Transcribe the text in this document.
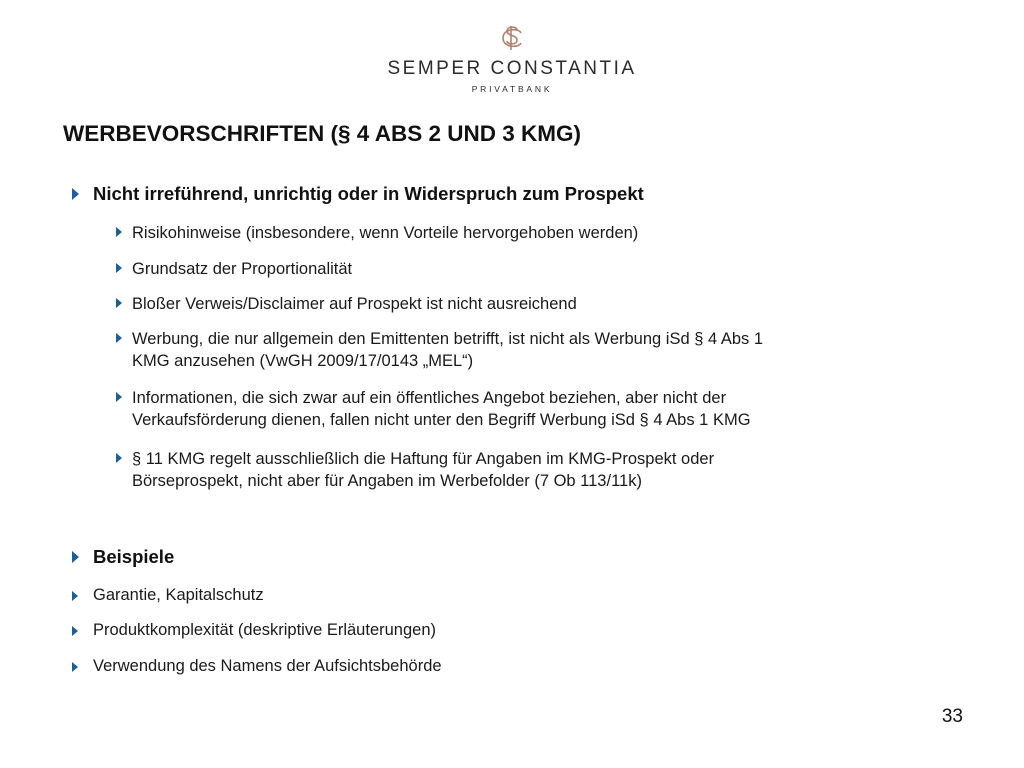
SEMPER CONSTANTIA
PRIVATBANK
WERBEVORSCHRIFTEN (§ 4 ABS 2 UND 3 KMG)
Nicht irreführend, unrichtig oder in Widerspruch zum Prospekt
Risikohinweise (insbesondere, wenn Vorteile hervorgehoben werden)
Grundsatz der Proportionalität
Bloßer Verweis/Disclaimer auf Prospekt ist nicht ausreichend
Werbung, die nur allgemein den Emittenten betrifft, ist nicht als Werbung iSd § 4 Abs 1
KMG anzusehen (VwGH 2009/17/0143 „MEL“)
Informationen, die sich zwar auf ein öffentliches Angebot beziehen, aber nicht der
Verkaufsförderung dienen, fallen nicht unter den Begriff Werbung iSd § 4 Abs 1 KMG
§ 11 KMG regelt ausschließlich die Haftung für Angaben im KMG-Prospekt oder
Börseprospekt, nicht aber für Angaben im Werbefolder (7 Ob 113/11k)
Beispiele
Garantie, Kapitalschutz
Produktkomplexität (deskriptive Erläuterungen)
Verwendung des Namens der Aufsichtsbehörde
33
